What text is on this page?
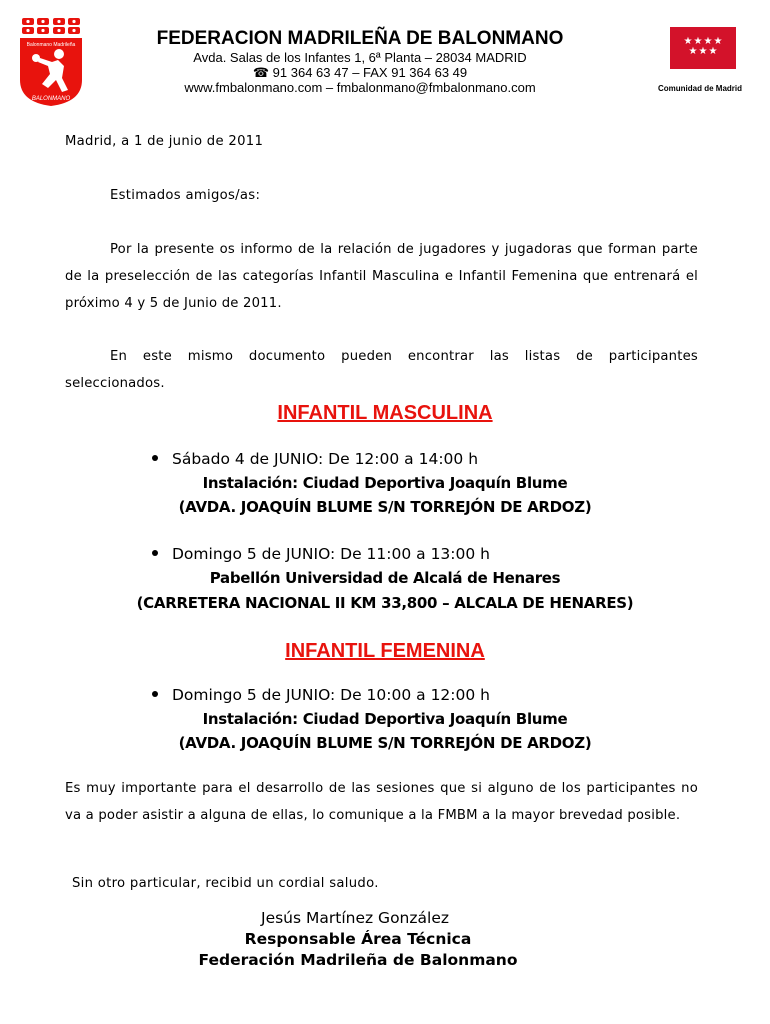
Balonmano Madrileña
BALONMANO
FEDERACION MADRILEÑA DE BALONMANO
Avda. Salas de los Infantes 1, 6ª Planta – 28034 MADRID
☎ 91 364 63 47 – FAX 91 364 63 49
www.fmbalonmano.com – fmbalonmano@fmbalonmano.com
★ ★ ★ ★
★ ★ ★
Comunidad de Madrid
Madrid, a 1 de junio de 2011
Estimados amigos/as:
Por la presente os informo de la relación de jugadores y jugadoras que forman parte de la preselección de las categorías Infantil Masculina e Infantil Femenina que entrenará el próximo 4 y 5 de Junio de 2011.
En este mismo documento pueden encontrar las listas de participantes seleccionados.
INFANTIL MASCULINA
Sábado 4 de JUNIO: De 12:00 a 14:00 h
Instalación: Ciudad Deportiva Joaquín Blume
(AVDA. JOAQUÍN BLUME S/N TORREJÓN DE ARDOZ)
Domingo 5 de JUNIO: De 11:00 a 13:00 h
Pabellón Universidad de Alcalá de Henares
(CARRETERA NACIONAL II KM 33,800 – ALCALA DE HENARES)
INFANTIL FEMENINA
Domingo 5 de JUNIO: De 10:00 a 12:00 h
Instalación: Ciudad Deportiva Joaquín Blume
(AVDA. JOAQUÍN BLUME S/N TORREJÓN DE ARDOZ)
Es muy importante para el desarrollo de las sesiones que si alguno de los participantes no va a poder asistir a alguna de ellas, lo comunique a la FMBM a la mayor brevedad posible.
Sin otro particular, recibid un cordial saludo.
Jesús Martínez González
Responsable Área Técnica
Federación Madrileña de Balonmano
